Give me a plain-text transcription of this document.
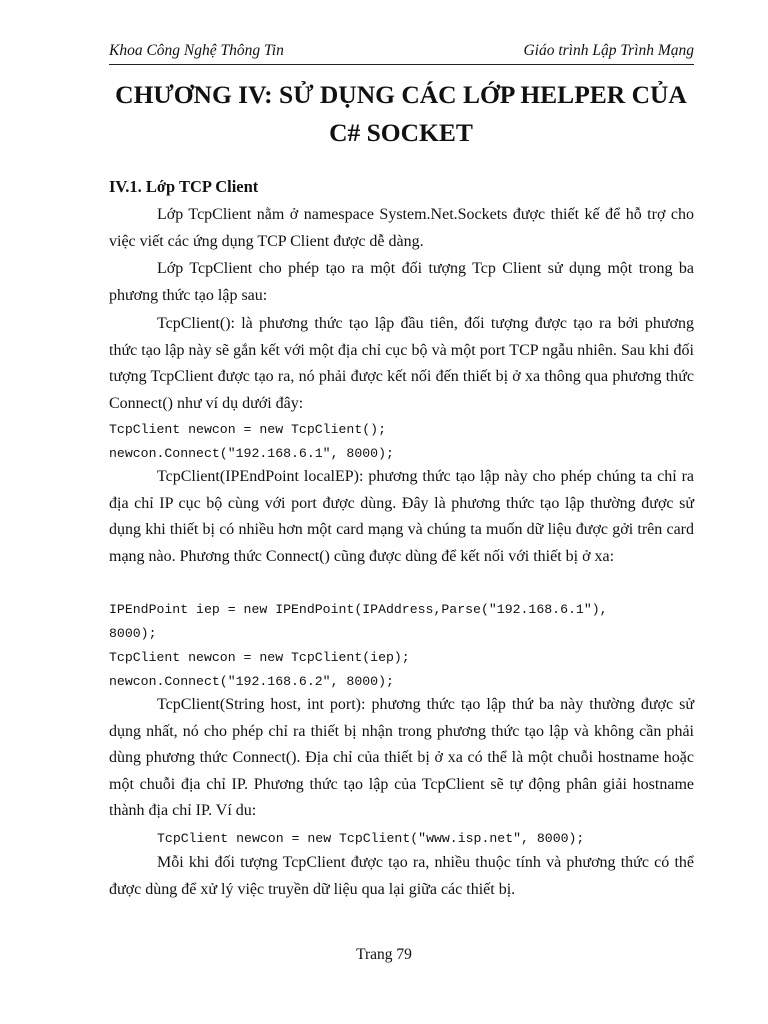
Khoa Công Nghệ Thông Tin	Giáo trình Lập Trình Mạng
CHƯƠNG IV: SỬ DỤNG CÁC LỚP HELPER CỦA
C# SOCKET
IV.1. Lớp TCP Client
Lớp TcpClient nằm ở namespace System.Net.Sockets được thiết kế để hỗ trợ cho việc viết các ứng dụng TCP Client được dễ dàng.
Lớp TcpClient cho phép tạo ra một đối tượng Tcp Client sử dụng một trong ba phương thức tạo lập sau:
TcpClient(): là phương thức tạo lập đầu tiên, đối tượng được tạo ra bởi phương thức tạo lập này sẽ gắn kết với một địa chỉ cục bộ và một port TCP ngẫu nhiên. Sau khi đối tượng TcpClient được tạo ra, nó phải được kết nối đến thiết bị ở xa thông qua phương thức Connect() như ví dụ dưới đây:
TcpClient newcon = new TcpClient();
newcon.Connect("192.168.6.1", 8000);
TcpClient(IPEndPoint localEP): phương thức tạo lập này cho phép chúng ta chỉ ra địa chỉ IP cục bộ cùng với port được dùng. Đây là phương thức tạo lập thường được sử dụng khi thiết bị có nhiều hơn một card mạng và chúng ta muốn dữ liệu được gởi trên card mạng nào. Phương thức Connect() cũng được dùng để kết nối với thiết bị ở xa:
IPEndPoint iep = new IPEndPoint(IPAddress,Parse("192.168.6.1"),
8000);
TcpClient newcon = new TcpClient(iep);
newcon.Connect("192.168.6.2", 8000);
TcpClient(String host, int port): phương thức tạo lập thứ ba này thường được sử dụng nhất, nó cho phép chỉ ra thiết bị nhận trong phương thức tạo lập và không cần phải dùng phương thức Connect(). Địa chỉ của thiết bị ở xa có thể là một chuỗi hostname hoặc một chuỗi địa chỉ IP. Phương thức tạo lập của TcpClient sẽ tự động phân giải hostname thành địa chỉ IP. Ví du:
TcpClient newcon = new TcpClient("www.isp.net", 8000);
Mỗi khi đối tượng TcpClient được tạo ra, nhiều thuộc tính và phương thức có thể được dùng để xử lý việc truyền dữ liệu qua lại giữa các thiết bị.
Trang 79
